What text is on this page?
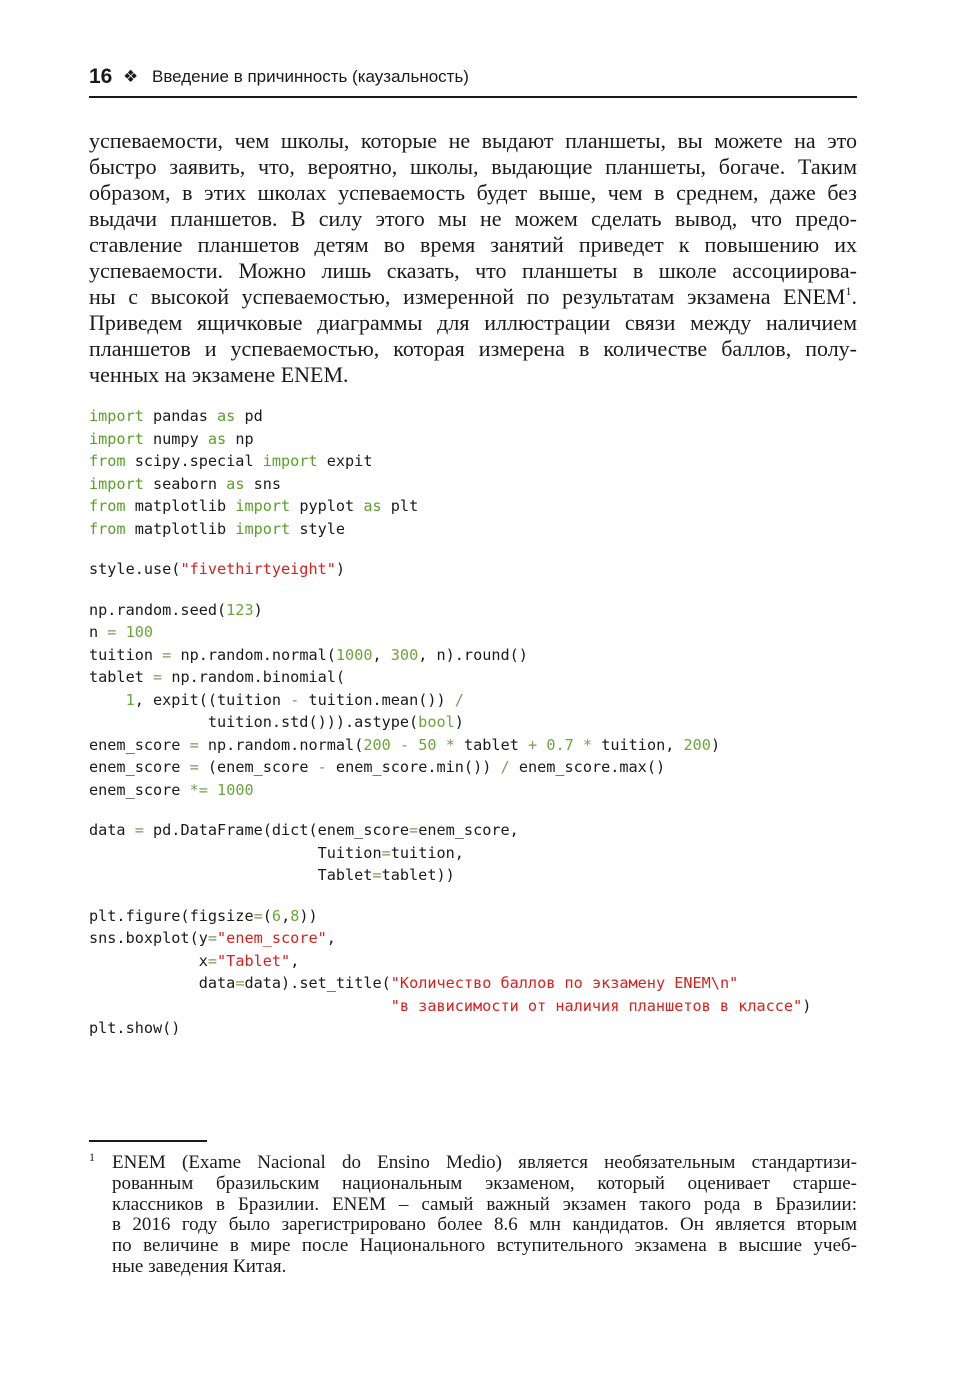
16 ❖ Введение в причинность (каузальность)
успеваемости, чем школы, которые не выдают планшеты, вы можете на это
быстро заявить, что, вероятно, школы, выдающие планшеты, богаче. Таким
образом, в этих школах успеваемость будет выше, чем в среднем, даже без
выдачи планшетов. В силу этого мы не можем сделать вывод, что предо-
ставление планшетов детям во время занятий приведет к повышению их
успеваемости. Можно лишь сказать, что планшеты в школе ассоциирова-
ны с высокой успеваемостью, измеренной по результатам экзамена ENEM$^1$.
Приведем ящичковые диаграммы для иллюстрации связи между наличием
планшетов и успеваемостью, которая измерена в количестве баллов, полу-
ченных на экзамене ENEM.
import pandas as pd
import numpy as np
from scipy.special import expit
import seaborn as sns
from matplotlib import pyplot as plt
from matplotlib import style
style.use("fivethirtyeight")
np.random.seed(123)
n = 100
tuition = np.random.normal(1000, 300, n).round()
tablet = np.random.binomial(
1, expit((tuition - tuition.mean()) /
tuition.std())).astype(bool)
enem_score = np.random.normal(200 - 50 * tablet + 0.7 * tuition, 200)
enem_score = (enem_score - enem_score.min()) / enem_score.max()
enem_score *= 1000
data = pd.DataFrame(dict(enem_score=enem_score,
Tuition=tuition,
Tablet=tablet))
plt.figure(figsize=(6,8))
sns.boxplot(y="enem_score",
x="Tablet",
data=data).set_title("Количество баллов по экзамену ENEM\n"
"в зависимости от наличия планшетов в классе")
plt.show()
1 ENEM (Exame Nacional do Ensino Medio) является необязательным стандартизи-
рованным бразильским национальным экзаменом, который оценивает старше-
классников в Бразилии. ENEM – самый важный экзамен такого рода в Бразилии:
в 2016 году было зарегистрировано более 8.6 млн кандидатов. Он является вторым
по величине в мире после Национального вступительного экзамена в высшие учеб-
ные заведения Китая.
